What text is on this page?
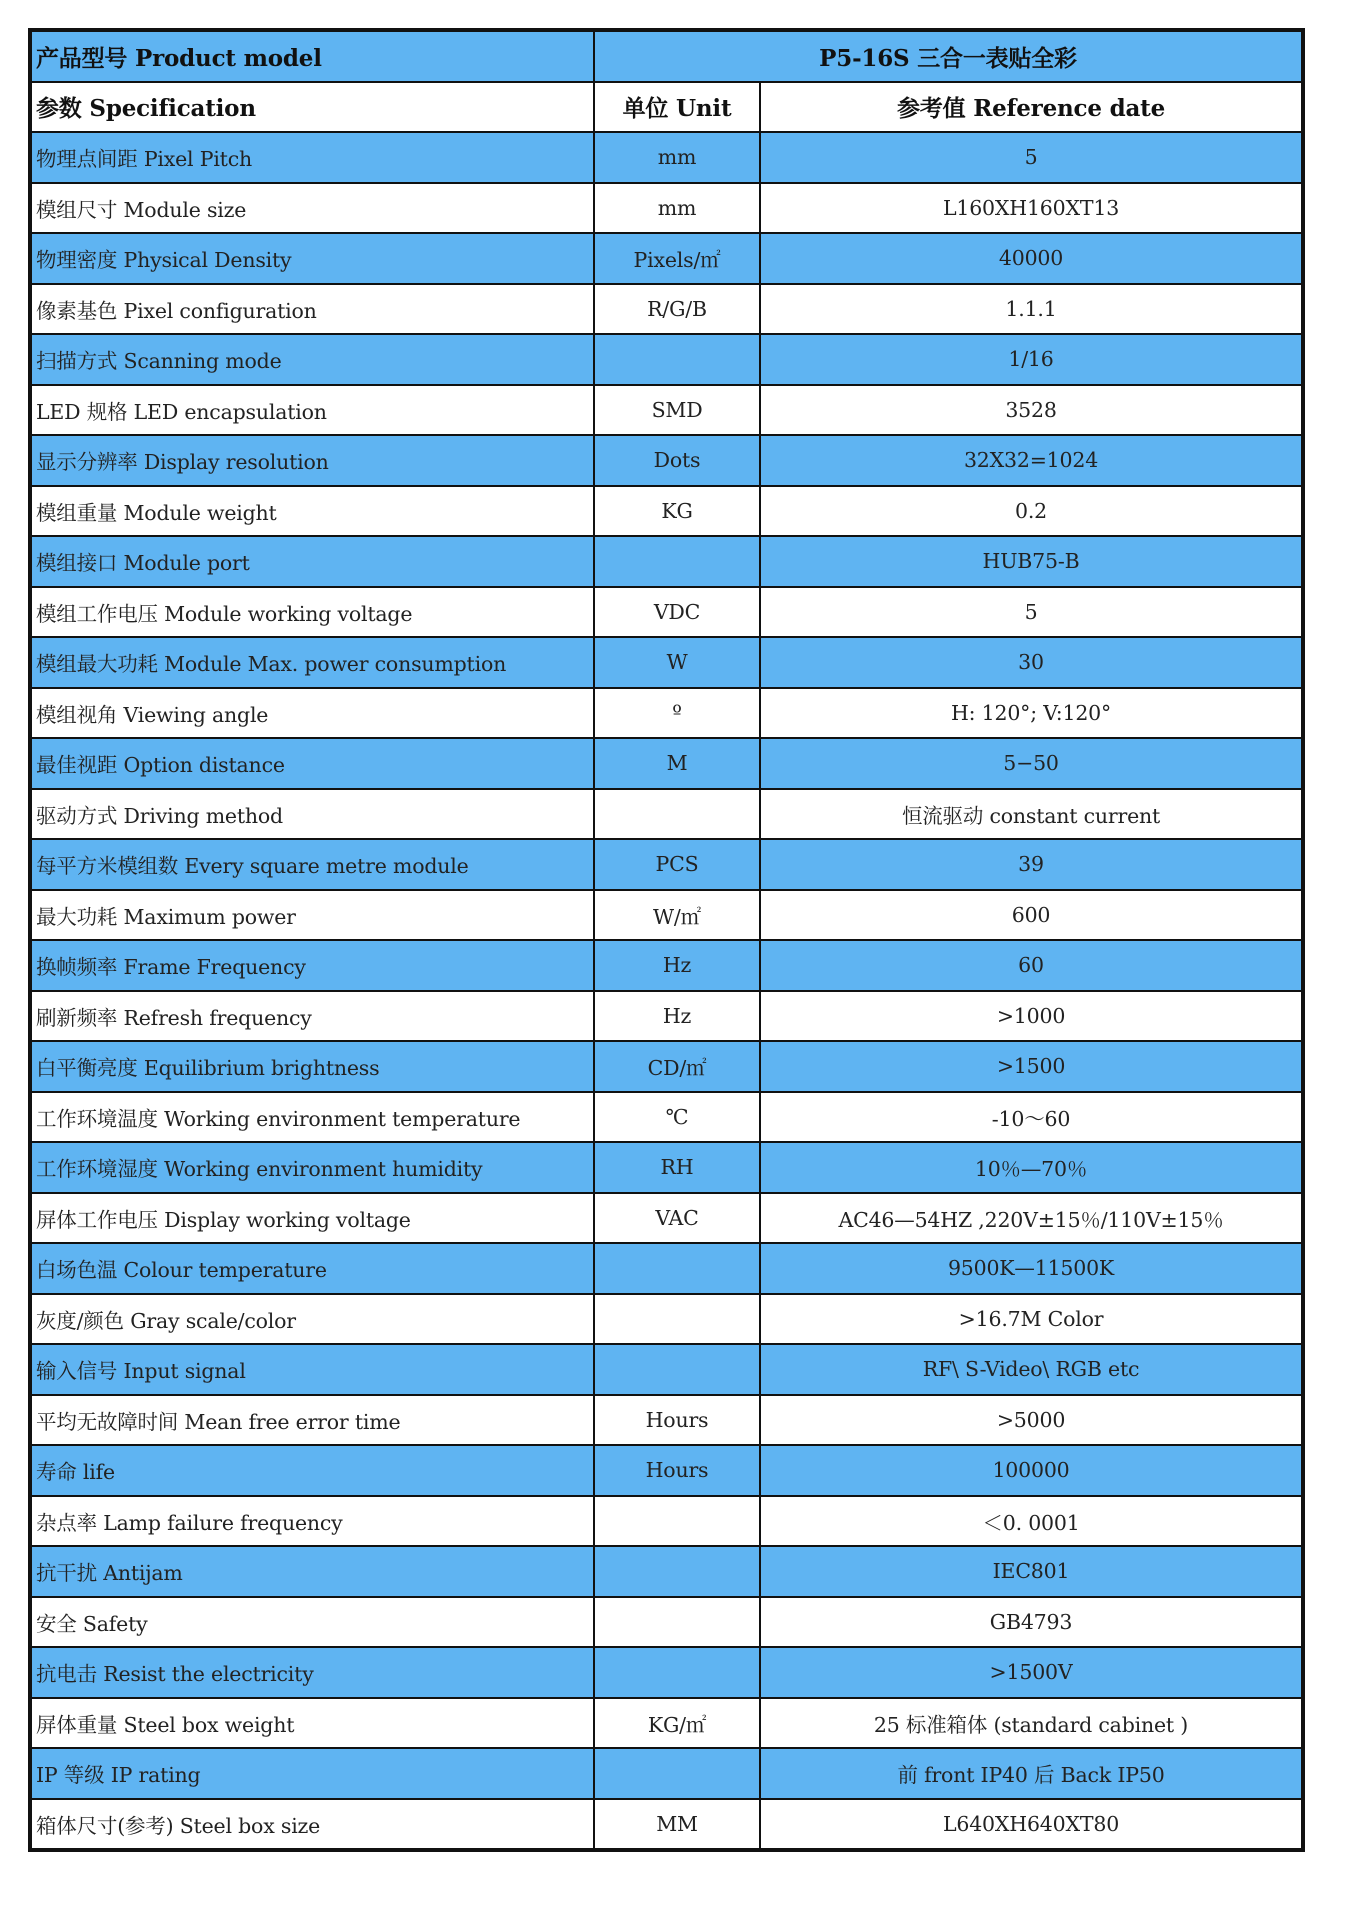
产品型号 Product model	P5-16S 三合一表贴全彩	
参数 Specification	单位 Unit	参考值 Reference date
物理点间距 Pixel Pitch	mm	5
模组尺寸 Module size	mm	L160XH160XT13
物理密度 Physical Density	Pixels/㎡	40000
像素基色 Pixel configuration	R/G/B	1.1.1
扫描方式 Scanning mode		1/16
LED 规格 LED encapsulation	SMD	3528
显示分辨率 Display resolution	Dots	32X32=1024
模组重量 Module weight	KG	0.2
模组接口 Module port		HUB75-B
模组工作电压 Module working voltage	VDC	5
模组最大功耗 Module Max. power consumption	W	30
模组视角 Viewing angle	º	H: 120°; V:120°
最佳视距 Option distance	M	5−50
驱动方式 Driving method		恒流驱动 constant current
每平方米模组数 Every square metre module	PCS	39
最大功耗 Maximum power	W/㎡	600
换帧频率 Frame Frequency	Hz	60
刷新频率 Refresh frequency	Hz	>1000
白平衡亮度 Equilibrium brightness	CD/㎡	>1500
工作环境温度 Working environment temperature	℃	-10～60
工作环境湿度 Working environment humidity	RH	10％—70％
屏体工作电压 Display working voltage	VAC	AC46—54HZ ,220V±15％/110V±15％
白场色温 Colour temperature		9500K—11500K
灰度/颜色 Gray scale/color		>16.7M Color
输入信号 Input signal		RF\ S-Video\ RGB etc
平均无故障时间 Mean free error time	Hours	>5000
寿命 life	Hours	100000
杂点率 Lamp failure frequency		＜0. 0001
抗干扰 Antijam		IEC801
安全 Safety		GB4793
抗电击 Resist the electricity		>1500V
屏体重量 Steel box weight	KG/㎡	25 标准箱体 (standard cabinet )
IP 等级 IP rating		前 front IP40 后 Back IP50
箱体尺寸(参考) Steel box size	MM	L640XH640XT80
